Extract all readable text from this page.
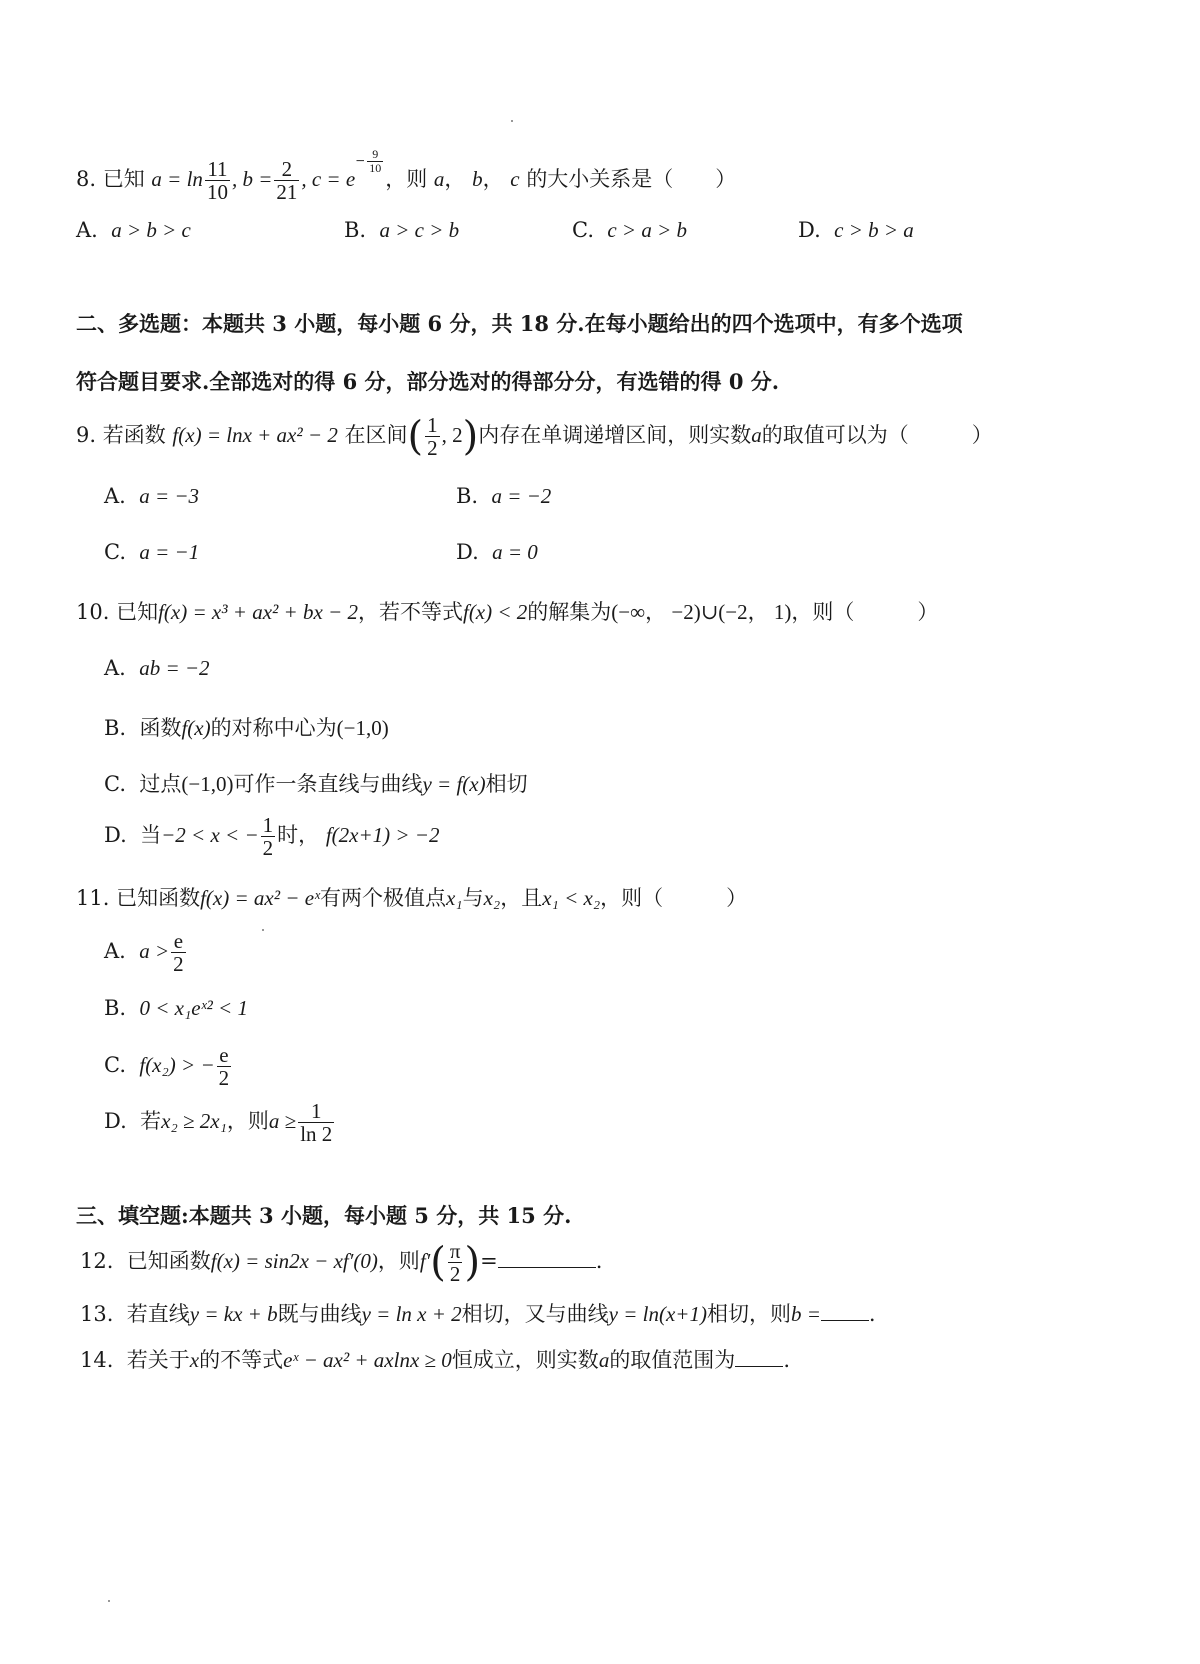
8. 已知 $a = \ln \frac{11}{10}$ , $b = \frac{2}{21}$ , $c = e- \frac{9}{10}$
，则 a， b， c 的大小关系是（　　）
A. a > b > c	B. a > c > b	C. c > a > b	D. c > b > a
二、多选题：本题共 3 小题，每小题 6 分，共 18 分.在每小题给出的四个选项中，有多个选项
符合题目要求.全部选对的得 6 分，部分选对的得部分分，有选错的得 0 分.
9. 若函数 f(x) = lnx + ax² − 2 在区间( $\frac{1}{2}$ , 2)内存在单调递增区间，则实数a的取值可以为（　　　）
A. a = −3	B. a = −2
C. a = −1	D. a = 0
10. 已知f(x) = x³ + ax² + bx − 2，若不等式f(x) < 2的解集为(−∞， −2)∪(−2， 1)，则（　　　）
A. ab = −2
B. 函数f(x)的对称中心为(−1,0)
C. 过点(−1,0)可作一条直线与曲线y = f(x)相切
D. 当−2 < x < − $\frac{1}{2}$ 时， f(2x+1) > −2
11. 已知函数f(x) = ax² − eˣ有两个极值点x₁与x₂，且x₁ < x₂，则（　　　）
A. $a > \frac{e}{2}$
B. 0 < x₁eˣ² < 1
C. f(x₂) > − $\frac{e}{2}$
D. 若x₂ ≥ 2x₁，则$a \ge \frac{1}{\ln 2}$
三、填空题:本题共 3 小题，每小题 5 分，共 15 分.
12. 已知函数f(x) = sin2x − xf′(0)，则$f'( \frac{\pi}{2}$ )=	.
13. 若直线y = kx + b既与曲线y = ln x + 2相切，又与曲线y = ln(x+1)相切，则b = .
14. 若关于x的不等式eˣ − ax² + axlnx ≥ 0恒成立，则实数a的取值范围为 .
